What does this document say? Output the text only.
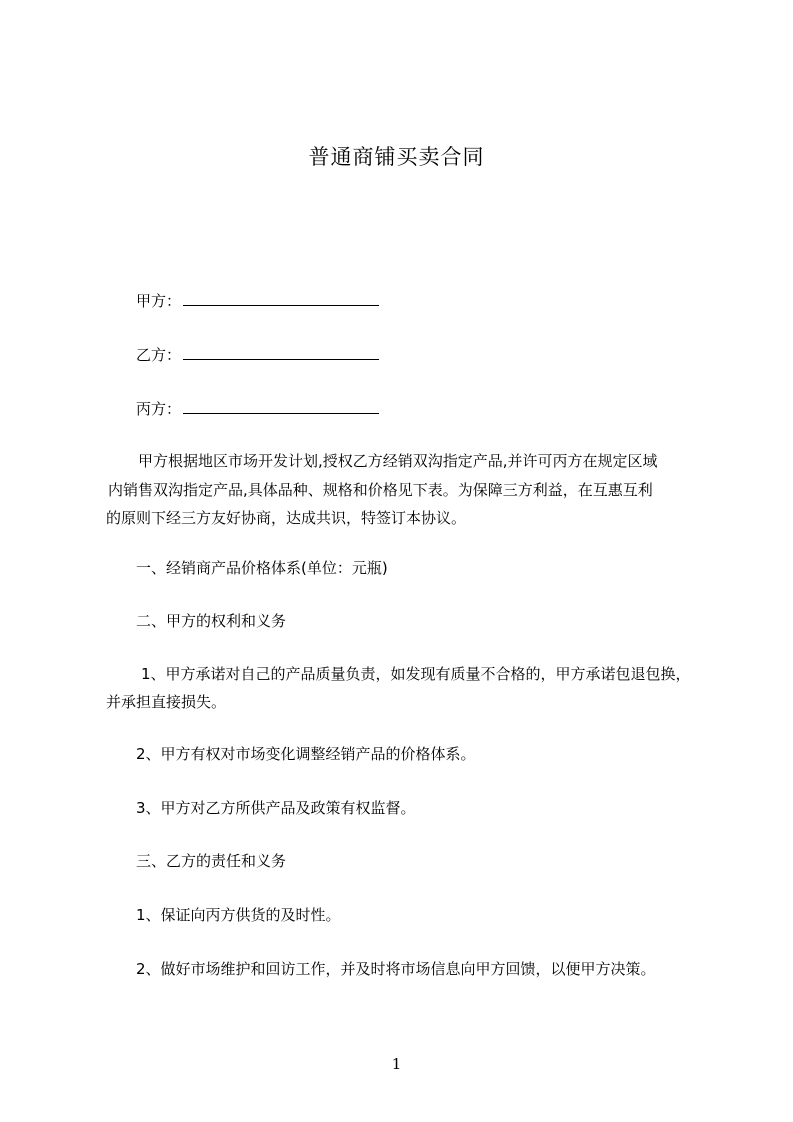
普通商铺买卖合同
甲方：
乙方：
丙方：
甲方根据地区市场开发计划,授权乙方经销双沟指定产品,并许可丙方在规定区域
内销售双沟指定产品,具体品种、规格和价格见下表。为保障三方利益，在互惠互利
的原则下经三方友好协商，达成共识，特签订本协议。
一、经销商产品价格体系(单位：元瓶)
二、甲方的权利和义务
1、甲方承诺对自己的产品质量负责，如发现有质量不合格的，甲方承诺包退包换，
并承担直接损失。
2、甲方有权对市场变化调整经销产品的价格体系。
3、甲方对乙方所供产品及政策有权监督。
三、乙方的责任和义务
1、保证向丙方供货的及时性。
2、做好市场维护和回访工作，并及时将市场信息向甲方回馈，以便甲方决策。
1
